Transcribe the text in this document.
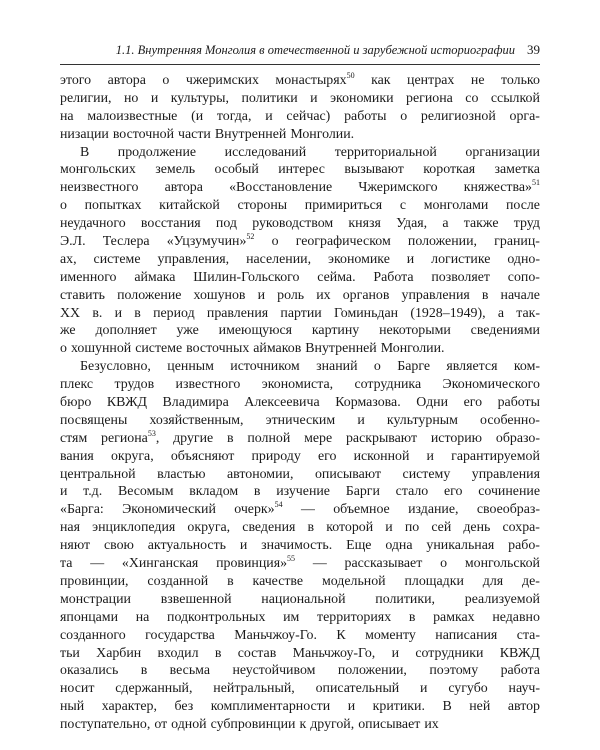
1.1. Внутренняя Монголия в отечественной и зарубежной историографии 39
этого автора о чжеримских монастырях$^{50}$ как центрах не только
религии, но и культуры, политики и экономики региона со ссылкой
на малоизвестные (и тогда, и сейчас) работы о религиозной орга-
низации восточной части Внутренней Монголии.
В продолжение исследований территориальной организации
монгольских земель особый интерес вызывают короткая заметка
неизвестного автора «Восстановление Чжеримского княжества»$^{51}$
о попытках китайской стороны примириться с монголами после
неудачного восстания под руководством князя Удая, а также труд
Э.Л. Теслера «Уцзумучин»$^{52}$ о географическом положении, границ-
ах, системе управления, населении, экономике и логистике одно-
именного аймака Шилин-Гольского сейма. Работа позволяет сопо-
ставить положение хошунов и роль их органов управления в начале
XX в. и в период правления партии Гоминьдан (1928–1949), а так-
же дополняет уже имеющуюся картину некоторыми сведениями
о хошунной системе восточных аймаков Внутренней Монголии.
Безусловно, ценным источником знаний о Барге является ком-
плекс трудов известного экономиста, сотрудника Экономического
бюро КВЖД Владимира Алексеевича Кормазова. Одни его работы
посвящены хозяйственным, этническим и культурным особенно-
стям региона$^{53}$, другие в полной мере раскрывают историю образо-
вания округа, объясняют природу его исконной и гарантируемой
центральной властью автономии, описывают систему управления
и т.д. Весомым вкладом в изучение Барги стало его сочинение
«Барга: Экономический очерк»$^{54}$ — объемное издание, своеобраз-
ная энциклопедия округа, сведения в которой и по сей день сохра-
няют свою актуальность и значимость. Еще одна уникальная рабо-
та — «Хинганская провинция»$^{55}$ — рассказывает о монгольской
провинции, созданной в качестве модельной площадки для де-
монстрации взвешенной национальной политики, реализуемой
японцами на подконтрольных им территориях в рамках недавно
созданного государства Маньчжоу-Го. К моменту написания ста-
тьи Харбин входил в состав Маньчжоу-Го, и сотрудники КВЖД
оказались в весьма неустойчивом положении, поэтому работа
носит сдержанный, нейтральный, описательный и сугубо науч-
ный характер, без комплиментарности и критики. В ней автор
поступательно, от одной субпровинции к другой, описывает их
